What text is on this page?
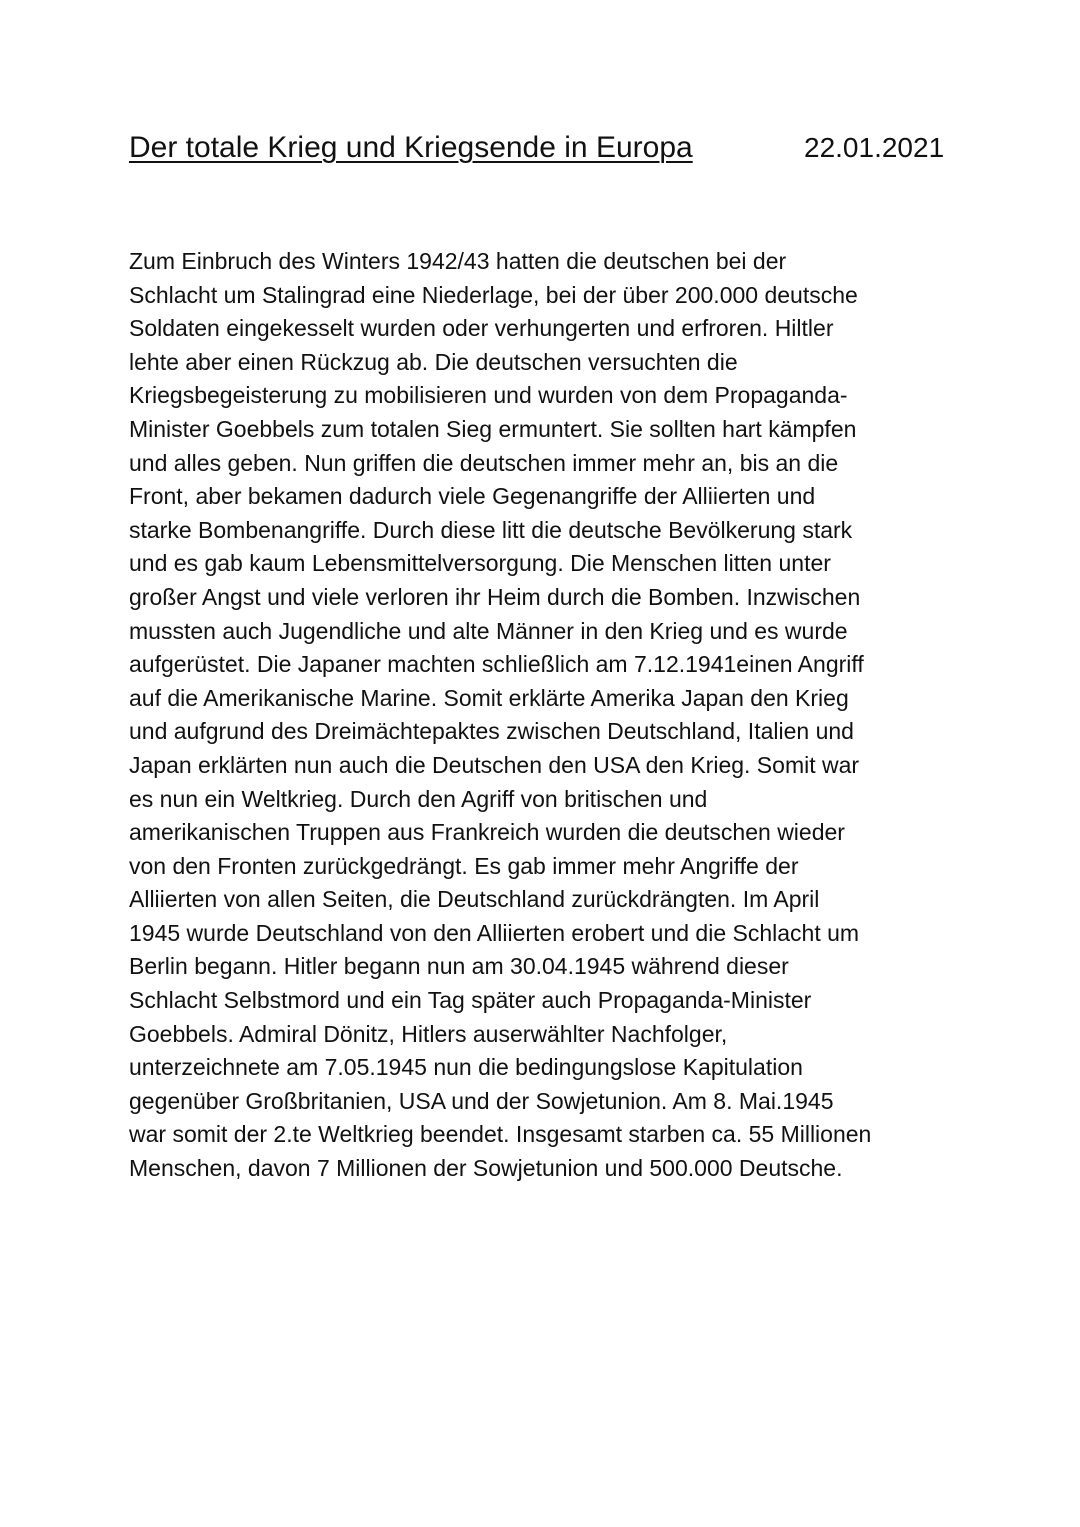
Der totale Krieg und Kriegsende in Europa	22.01.2021
Zum Einbruch des Winters 1942/43 hatten die deutschen bei der
Schlacht um Stalingrad eine Niederlage, bei der über 200.000 deutsche
Soldaten eingekesselt wurden oder verhungerten und erfroren. Hiltler
lehte aber einen Rückzug ab. Die deutschen versuchten die
Kriegsbegeisterung zu mobilisieren und wurden von dem Propaganda-
Minister Goebbels zum totalen Sieg ermuntert. Sie sollten hart kämpfen
und alles geben. Nun griffen die deutschen immer mehr an, bis an die
Front, aber bekamen dadurch viele Gegenangriffe der Alliierten und
starke Bombenangriffe. Durch diese litt die deutsche Bevölkerung stark
und es gab kaum Lebensmittelversorgung. Die Menschen litten unter
großer Angst und viele verloren ihr Heim durch die Bomben. Inzwischen
mussten auch Jugendliche und alte Männer in den Krieg und es wurde
aufgerüstet. Die Japaner machten schließlich am 7.12.1941einen Angriff
auf die Amerikanische Marine. Somit erklärte Amerika Japan den Krieg
und aufgrund des Dreimächtepaktes zwischen Deutschland, Italien und
Japan erklärten nun auch die Deutschen den USA den Krieg. Somit war
es nun ein Weltkrieg. Durch den Agriff von britischen und
amerikanischen Truppen aus Frankreich wurden die deutschen wieder
von den Fronten zurückgedrängt. Es gab immer mehr Angriffe der
Alliierten von allen Seiten, die Deutschland zurückdrängten. Im April
1945 wurde Deutschland von den Alliierten erobert und die Schlacht um
Berlin begann. Hitler begann nun am 30.04.1945 während dieser
Schlacht Selbstmord und ein Tag später auch Propaganda-Minister
Goebbels. Admiral Dönitz, Hitlers auserwählter Nachfolger,
unterzeichnete am 7.05.1945 nun die bedingungslose Kapitulation
gegenüber Großbritanien, USA und der Sowjetunion. Am 8. Mai.1945
war somit der 2.te Weltkrieg beendet. Insgesamt starben ca. 55 Millionen
Menschen, davon 7 Millionen der Sowjetunion und 500.000 Deutsche.
